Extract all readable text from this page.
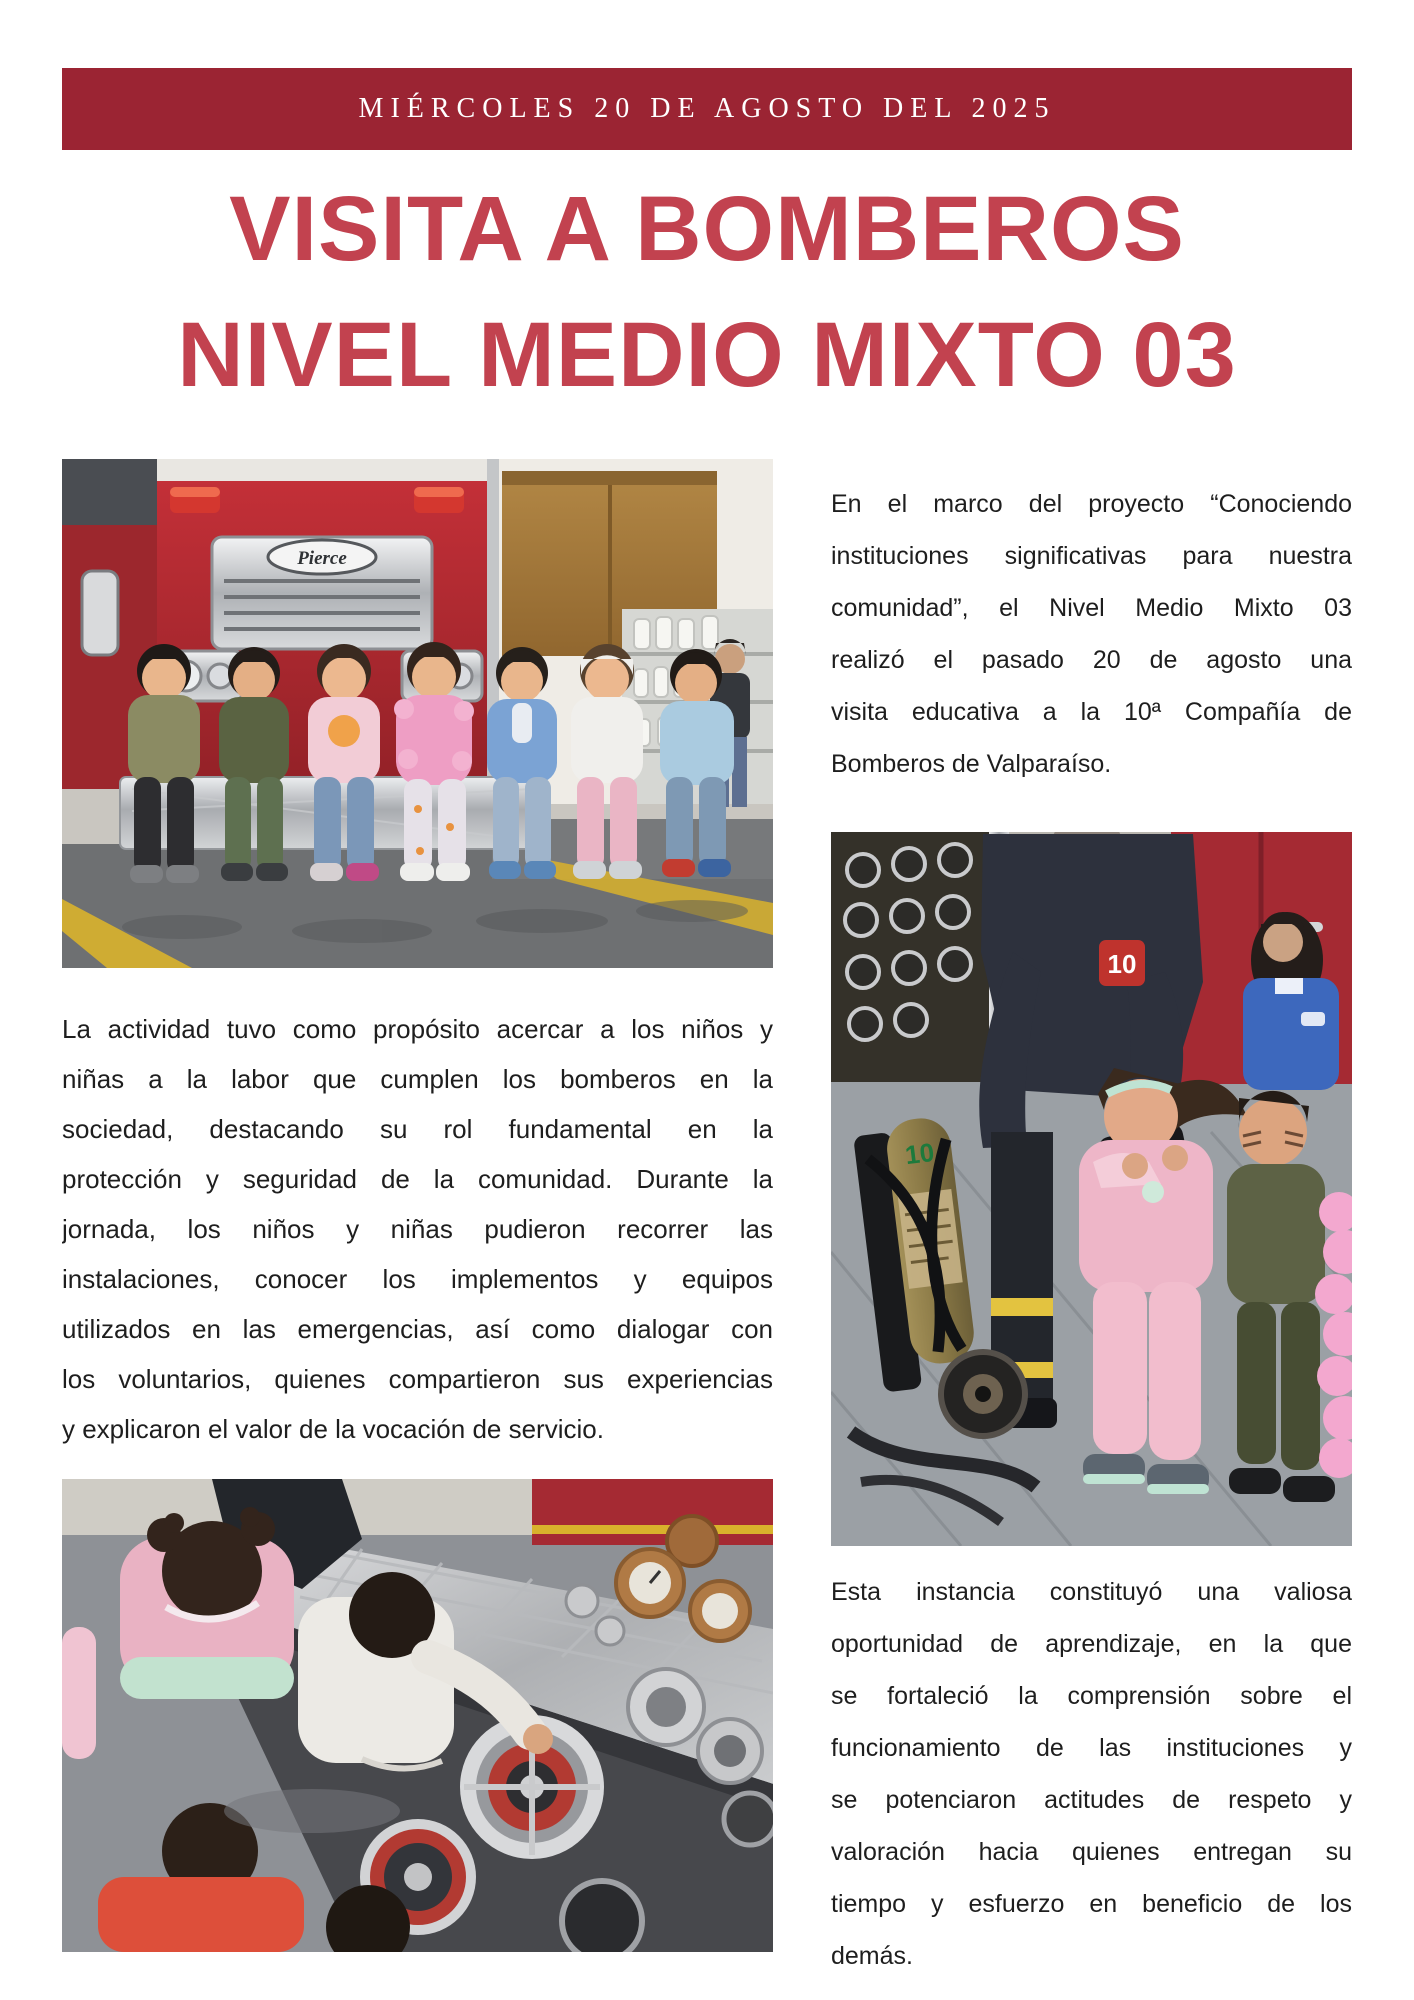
MIÉRCOLES 20 DE AGOSTO DEL 2025
VISITA A BOMBEROS
NIVEL MEDIO MIXTO 03
Pierce
En el marco del proyecto “Conociendo
instituciones significativas para nuestra
comunidad”, el Nivel Medio Mixto 03
realizó el pasado 20 de agosto una
visita educativa a la 10ª Compañía de
Bomberos de Valparaíso.
10
10
La actividad tuvo como propósito acercar a los niños y
niñas a la labor que cumplen los bomberos en la
sociedad, destacando su rol fundamental en la
protección y seguridad de la comunidad. Durante la
jornada, los niños y niñas pudieron recorrer las
instalaciones, conocer los implementos y equipos
utilizados en las emergencias, así como dialogar con
los voluntarios, quienes compartieron sus experiencias
y explicaron el valor de la vocación de servicio.
Esta instancia constituyó una valiosa
oportunidad de aprendizaje, en la que
se fortaleció la comprensión sobre el
funcionamiento de las instituciones y
se potenciaron actitudes de respeto y
valoración hacia quienes entregan su
tiempo y esfuerzo en beneficio de los
demás.
